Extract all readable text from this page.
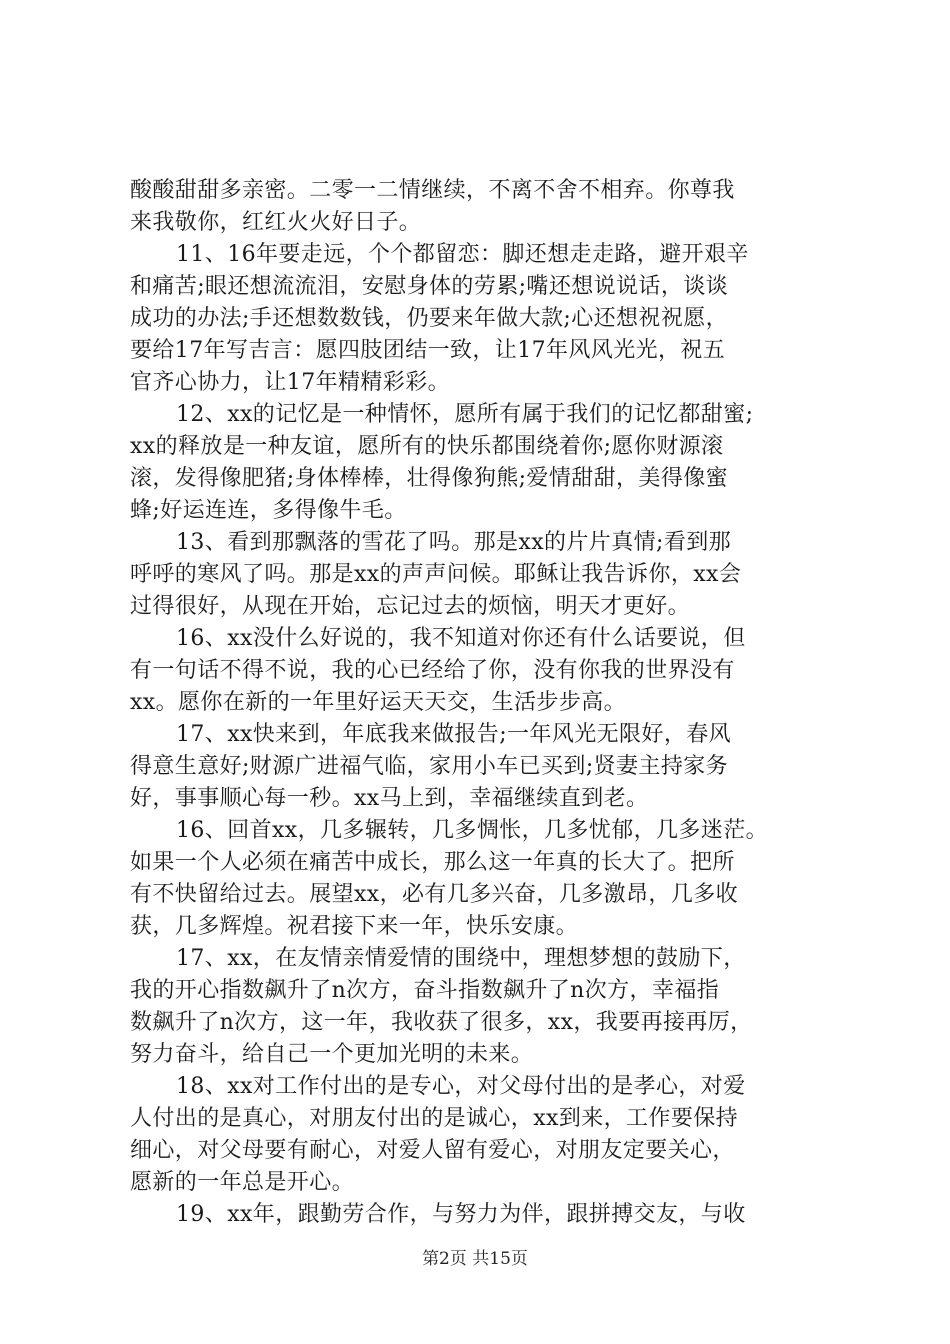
酸酸甜甜多亲密。二零一二情继续，不离不舍不相弃。你尊我
来我敬你，红红火火好日子。
11、16年要走远，个个都留恋：脚还想走走路，避开艰辛
和痛苦;眼还想流流泪，安慰身体的劳累;嘴还想说说话，谈谈
成功的办法;手还想数数钱，仍要来年做大款;心还想祝祝愿，
要给17年写吉言：愿四肢团结一致，让17年风风光光，祝五
官齐心协力，让17年精精彩彩。
12、xx的记忆是一种情怀，愿所有属于我们的记忆都甜蜜;
xx的释放是一种友谊，愿所有的快乐都围绕着你;愿你财源滚
滚，发得像肥猪;身体棒棒，壮得像狗熊;爱情甜甜，美得像蜜
蜂;好运连连，多得像牛毛。
13、看到那飘落的雪花了吗。那是xx的片片真情;看到那
呼呼的寒风了吗。那是xx的声声问候。耶稣让我告诉你，xx会
过得很好，从现在开始，忘记过去的烦恼，明天才更好。
16、xx没什么好说的，我不知道对你还有什么话要说，但
有一句话不得不说，我的心已经给了你，没有你我的世界没有
xx。愿你在新的一年里好运天天交，生活步步高。
17、xx快来到，年底我来做报告;一年风光无限好，春风
得意生意好;财源广进福气临，家用小车已买到;贤妻主持家务
好，事事顺心每一秒。xx马上到，幸福继续直到老。
16、回首xx，几多辗转，几多惆怅，几多忧郁，几多迷茫。
如果一个人必须在痛苦中成长，那么这一年真的长大了。把所
有不快留给过去。展望xx，必有几多兴奋，几多激昂，几多收
获，几多辉煌。祝君接下来一年，快乐安康。
17、xx，在友情亲情爱情的围绕中，理想梦想的鼓励下，
我的开心指数飙升了n次方，奋斗指数飙升了n次方，幸福指
数飙升了n次方，这一年，我收获了很多，xx，我要再接再厉，
努力奋斗，给自己一个更加光明的未来。
18、xx对工作付出的是专心，对父母付出的是孝心，对爱
人付出的是真心，对朋友付出的是诚心，xx到来，工作要保持
细心，对父母要有耐心，对爱人留有爱心，对朋友定要关心，
愿新的一年总是开心。
19、xx年，跟勤劳合作，与努力为伴，跟拼搏交友，与收
第2页 共15页
